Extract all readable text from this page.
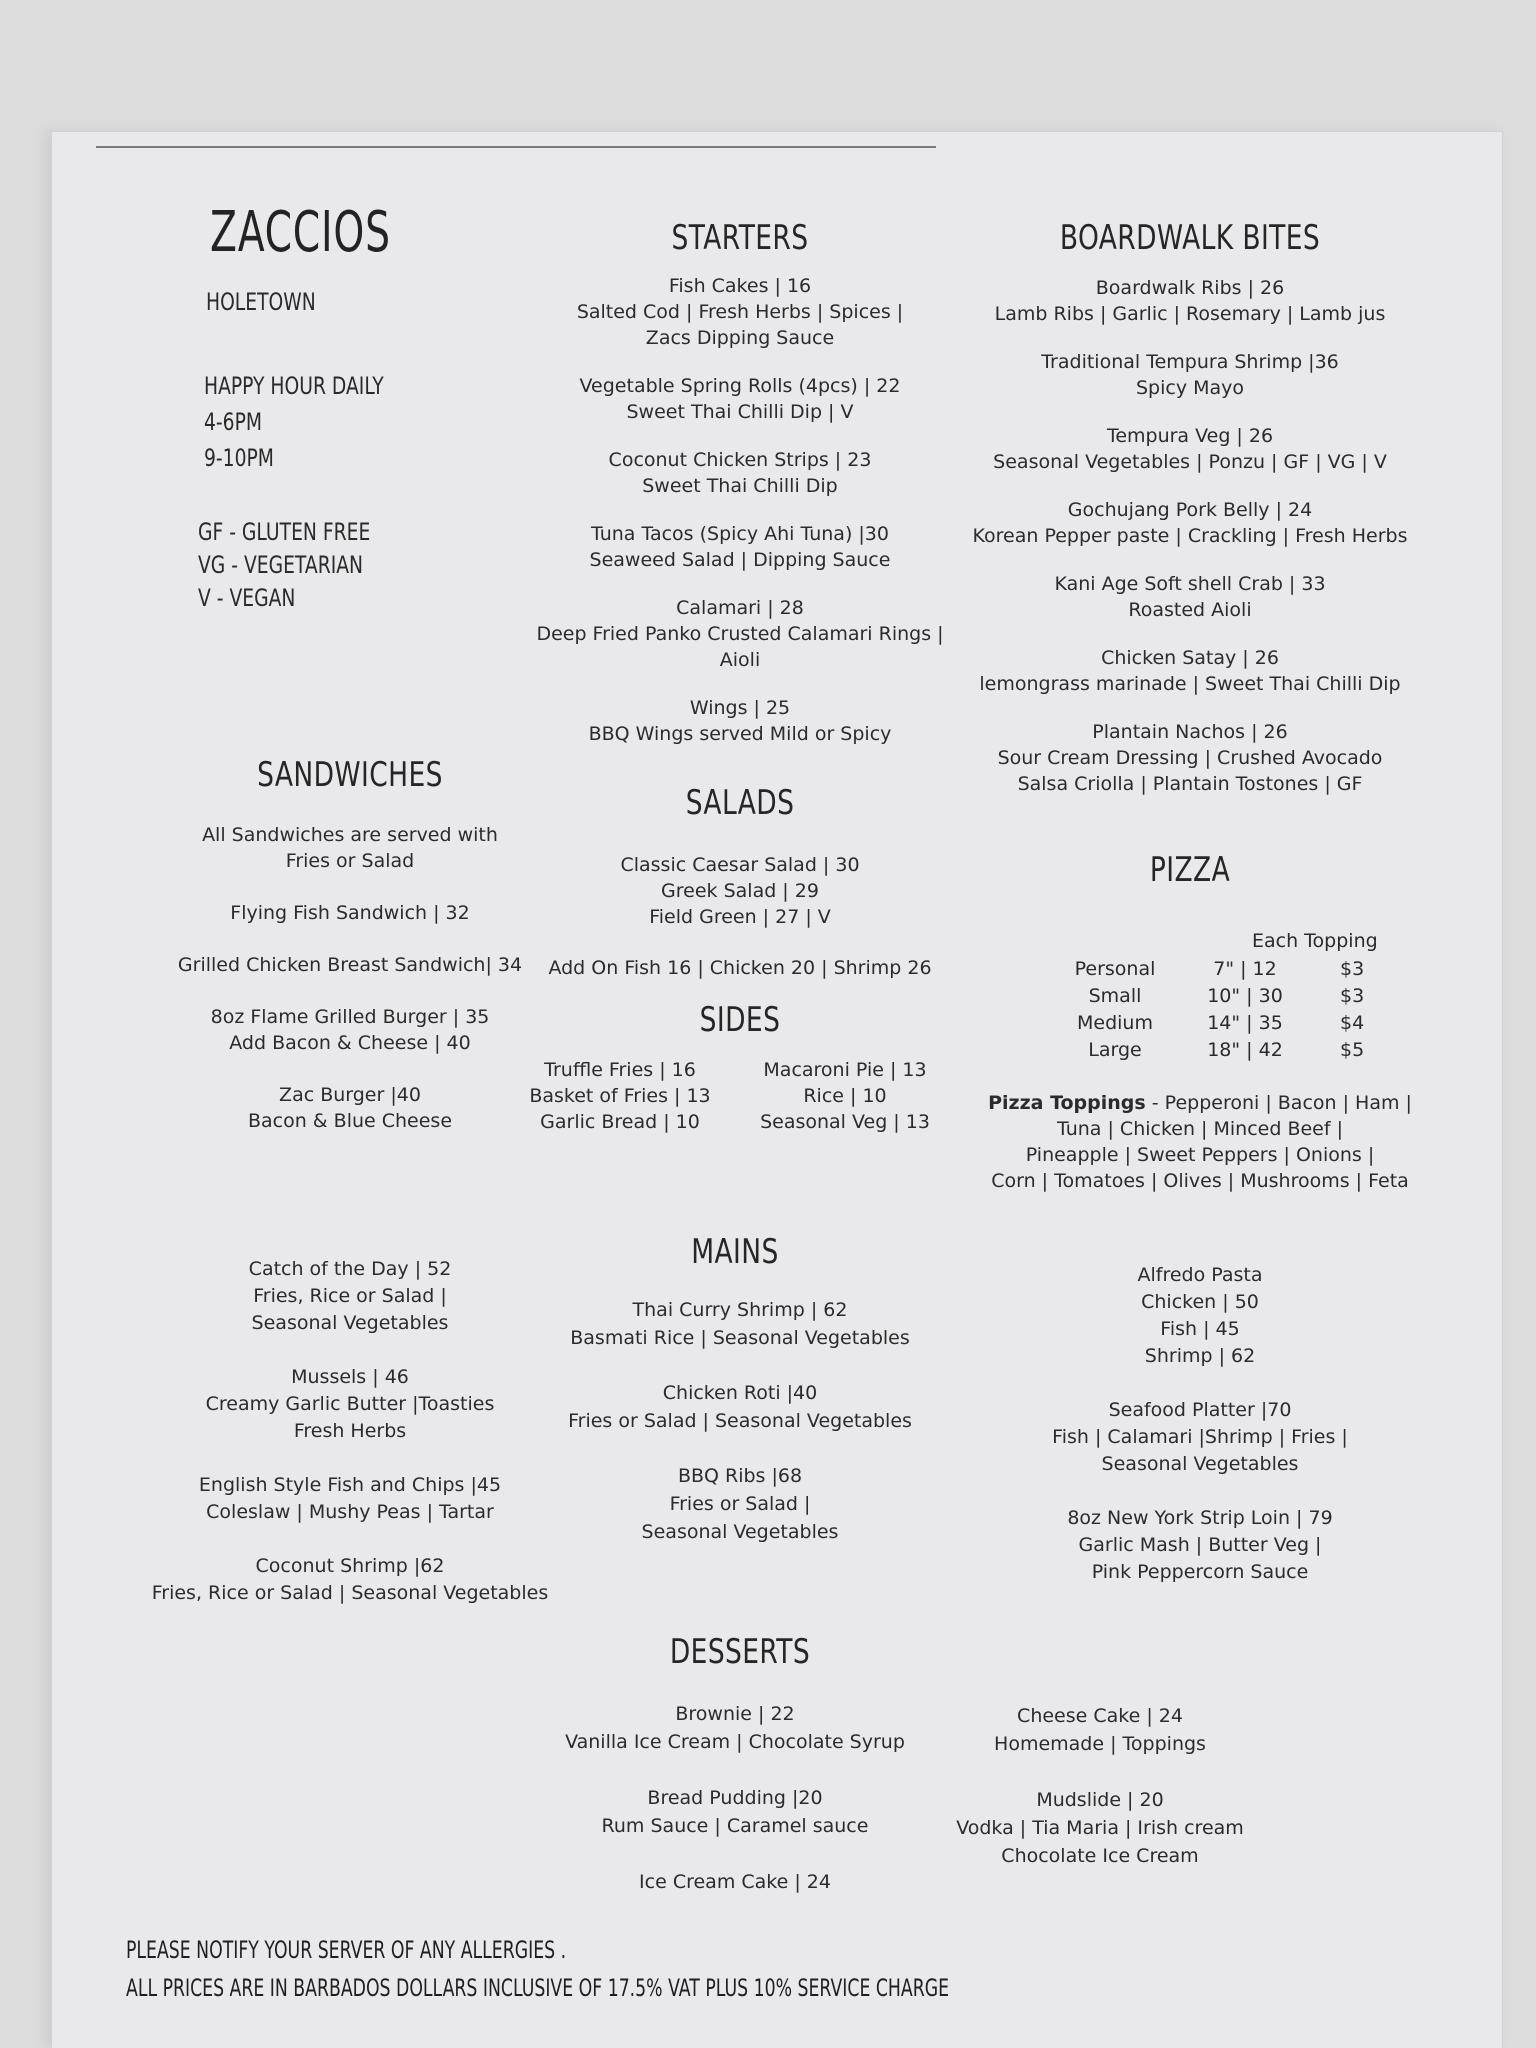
ZACCIOS
HOLETOWN
HAPPY HOUR DAILY
4-6PM
9-10PM
GF - GLUTEN FREE
VG - VEGETARIAN
V - VEGAN
STARTERS

Fish Cakes | 16

Salted Cod | Fresh Herbs | Spices |

Zacs Dipping Sauce

Vegetable Spring Rolls (4pcs) | 22

Sweet Thai Chilli Dip | V

Coconut Chicken Strips | 23

Sweet Thai Chilli Dip

Tuna Tacos (Spicy Ahi Tuna) |30

Seaweed Salad | Dipping Sauce

Calamari | 28

Deep Fried Panko Crusted Calamari Rings |

Aioli

Wings | 25

BBQ Wings served Mild or Spicy

BOARDWALK BITES

Boardwalk Ribs | 26

Lamb Ribs | Garlic | Rosemary | Lamb jus

Traditional Tempura Shrimp |36

Spicy Mayo

Tempura Veg | 26

Seasonal Vegetables | Ponzu | GF | VG | V

Gochujang Pork Belly | 24

Korean Pepper paste | Crackling | Fresh Herbs

Kani Age Soft shell Crab | 33

Roasted Aioli

Chicken Satay | 26

lemongrass marinade | Sweet Thai Chilli Dip

Plantain Nachos | 26

Sour Cream Dressing | Crushed Avocado

Salsa Criolla | Plantain Tostones | GF

SANDWICHES

All Sandwiches are served with

Fries or Salad

Flying Fish Sandwich | 32

Grilled Chicken Breast Sandwich| 34

8oz Flame Grilled Burger | 35

Add Bacon & Cheese | 40

Zac Burger |40

Bacon & Blue Cheese

SALADS

Classic Caesar Salad | 30

Greek Salad | 29

Field Green | 27 | V

Add On Fish 16 | Chicken 20 | Shrimp 26
SIDES

Truffle Fries | 16

Basket of Fries | 13

Garlic Bread | 10

Macaroni Pie | 13

Rice | 10

Seasonal Veg | 13

PIZZA
Each Topping
Personal	7" | 12	$3
Small	10" | 30	$3
Medium	14" | 35	$4
Large	18" | 42	$5

Pizza Toppings - Pepperoni | Bacon | Ham |

Tuna | Chicken | Minced Beef |

Pineapple | Sweet Peppers | Onions |

Corn | Tomatoes | Olives | Mushrooms | Feta

MAINS

Catch of the Day | 52

Fries, Rice or Salad |

Seasonal Vegetables

Mussels | 46

Creamy Garlic Butter |Toasties

Fresh Herbs

English Style Fish and Chips |45

Coleslaw | Mushy Peas | Tartar

Coconut Shrimp |62

Fries, Rice or Salad | Seasonal Vegetables

Thai Curry Shrimp | 62

Basmati Rice | Seasonal Vegetables

Chicken Roti |40

Fries or Salad | Seasonal Vegetables

BBQ Ribs |68

Fries or Salad |

Seasonal Vegetables

Alfredo Pasta

Chicken | 50

Fish | 45

Shrimp | 62

Seafood Platter |70

Fish | Calamari |Shrimp | Fries |

Seasonal Vegetables

8oz New York Strip Loin | 79

Garlic Mash | Butter Veg |

Pink Peppercorn Sauce

DESSERTS

Brownie | 22

Vanilla Ice Cream | Chocolate Syrup

Bread Pudding |20

Rum Sauce | Caramel sauce

Ice Cream Cake | 24

Cheese Cake | 24

Homemade | Toppings

Mudslide | 20

Vodka | Tia Maria | Irish cream

Chocolate Ice Cream

PLEASE NOTIFY YOUR SERVER OF ANY ALLERGIES .
ALL PRICES ARE IN BARBADOS DOLLARS INCLUSIVE OF 17.5% VAT PLUS 10% SERVICE CHARGE
